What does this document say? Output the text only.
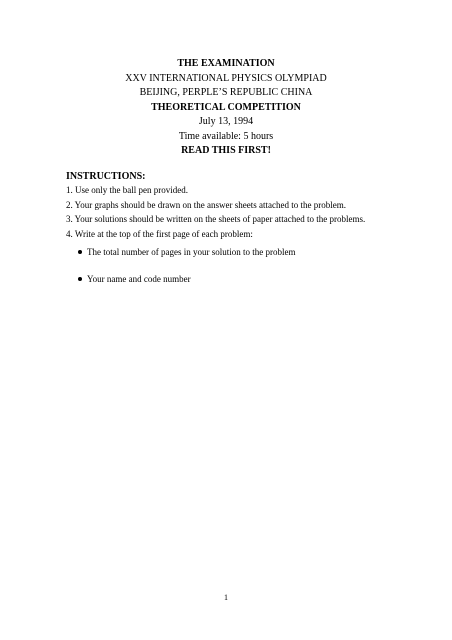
THE EXAMINATION
XXV INTERNATIONAL PHYSICS OLYMPIAD
BEIJING, PERPLE’S REPUBLIC CHINA
THEORETICAL COMPETITION
July 13, 1994
Time available: 5 hours
READ THIS FIRST!
INSTRUCTIONS:
1. Use only the ball pen provided.
2. Your graphs should be drawn on the answer sheets attached to the problem.
3. Your solutions should be written on the sheets of paper attached to the problems.
4. Write at the top of the first page of each problem:
The total number of pages in your solution to the problem
Your name and code number
1
